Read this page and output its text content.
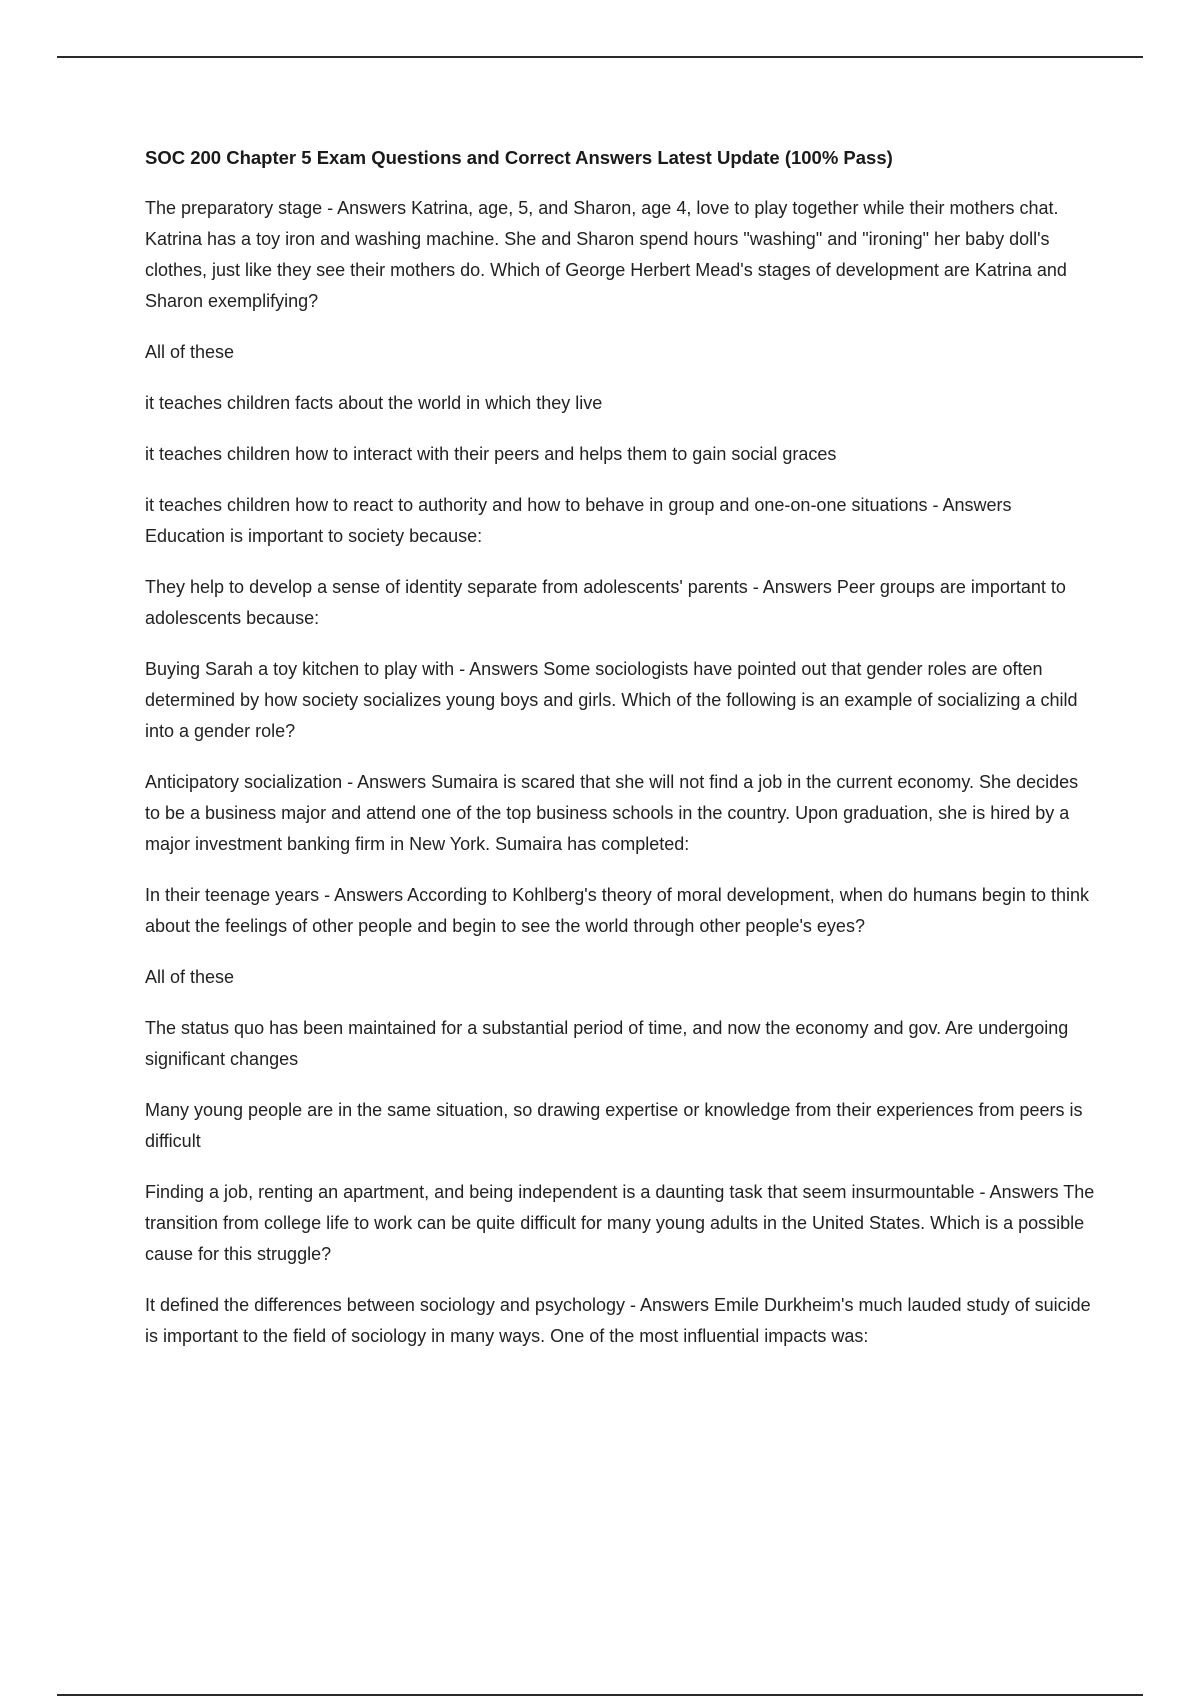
SOC 200 Chapter 5 Exam Questions and Correct Answers Latest Update (100% Pass)

The preparatory stage - Answers Katrina, age, 5, and Sharon, age 4, love to play together while their mothers chat. Katrina has a toy iron and washing machine. She and Sharon spend hours "washing" and "ironing" her baby doll's clothes, just like they see their mothers do. Which of George Herbert Mead's stages of development are Katrina and Sharon exemplifying?

All of these

it teaches children facts about the world in which they live

it teaches children how to interact with their peers and helps them to gain social graces

it teaches children how to react to authority and how to behave in group and one-on-one situations - Answers Education is important to society because:

They help to develop a sense of identity separate from adolescents' parents - Answers Peer groups are important to adolescents because:

Buying Sarah a toy kitchen to play with - Answers Some sociologists have pointed out that gender roles are often determined by how society socializes young boys and girls. Which of the following is an example of socializing a child into a gender role?

Anticipatory socialization - Answers Sumaira is scared that she will not find a job in the current economy. She decides to be a business major and attend one of the top business schools in the country. Upon graduation, she is hired by a major investment banking firm in New York. Sumaira has completed:

In their teenage years - Answers According to Kohlberg's theory of moral development, when do humans begin to think about the feelings of other people and begin to see the world through other people's eyes?

All of these

The status quo has been maintained for a substantial period of time, and now the economy and gov. Are undergoing significant changes

Many young people are in the same situation, so drawing expertise or knowledge from their experiences from peers is difficult

Finding a job, renting an apartment, and being independent is a daunting task that seem insurmountable - Answers The transition from college life to work can be quite difficult for many young adults in the United States. Which is a possible cause for this struggle?

It defined the differences between sociology and psychology - Answers Emile Durkheim's much lauded study of suicide is important to the field of sociology in many ways. One of the most influential impacts was:
